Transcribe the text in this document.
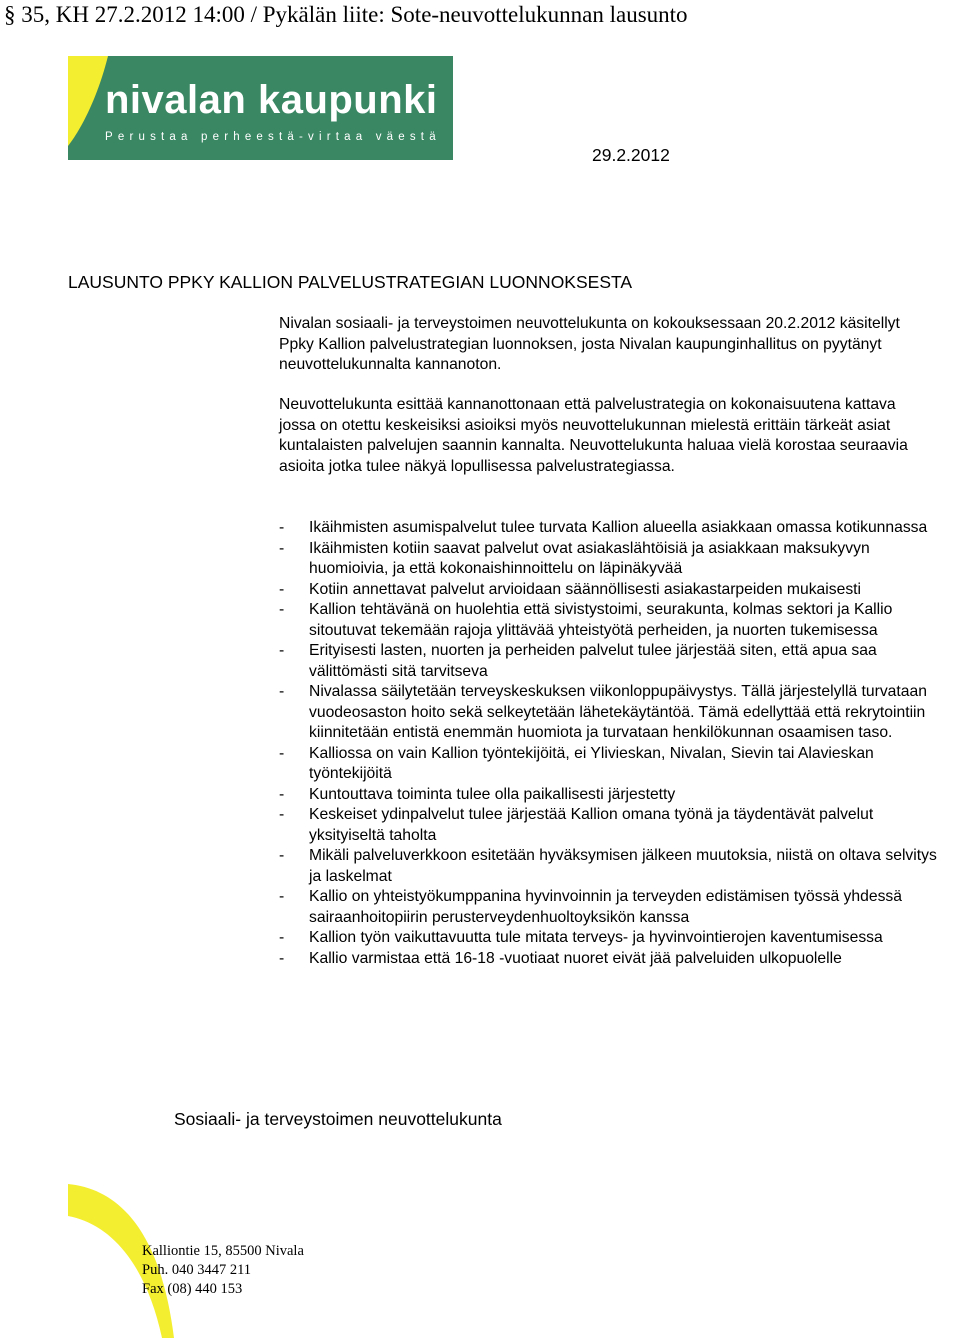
§ 35, KH 27.2.2012 14:00 / Pykälän liite: Sote-neuvottelukunnan lausunto
nivalan kaupunki
Perustaa perheestä-virtaa väestä
29.2.2012
LAUSUNTO PPKY KALLION PALVELUSTRATEGIAN LUONNOKSESTA

Nivalan sosiaali- ja terveystoimen neuvottelukunta on kokouksessaan 20.2.2012 käsitellyt Ppky Kallion palvelustrategian luonnoksen, josta Nivalan kaupunginhallitus on pyytänyt neuvottelukunnalta kannanoton.

Neuvottelukunta esittää kannanottonaan että palvelustrategia on kokonaisuutena kattava jossa on otettu keskeisiksi asioiksi myös neuvottelukunnan mielestä erittäin tärkeät asiat kuntalaisten palvelujen saannin kannalta. Neuvottelukunta haluaa vielä korostaa seuraavia asioita jotka tulee näkyä lopullisessa palvelustrategiassa.

- Ikäihmisten asumispalvelut tulee turvata Kallion alueella asiakkaan omassa kotikunnassa
- Ikäihmisten kotiin saavat palvelut ovat asiakaslähtöisiä ja asiakkaan maksukyvyn huomioivia, ja että kokonaishinnoittelu on läpinäkyvää
- Kotiin annettavat palvelut arvioidaan säännöllisesti asiakastarpeiden mukaisesti
- Kallion tehtävänä on huolehtia että sivistystoimi, seurakunta, kolmas sektori ja Kallio sitoutuvat tekemään rajoja ylittävää yhteistyötä perheiden, ja nuorten tukemisessa
- Erityisesti lasten, nuorten ja perheiden palvelut tulee järjestää siten, että apua saa välittömästi sitä tarvitseva
- Nivalassa säilytetään terveyskeskuksen viikonloppupäivystys. Tällä järjestelyllä turvataan vuodeosaston hoito sekä selkeytetään lähetekäytäntöä. Tämä edellyttää että rekrytointiin kiinnitetään entistä enemmän huomiota ja turvataan henkilökunnan osaamisen taso.
- Kalliossa on vain Kallion työntekijöitä, ei Ylivieskan, Nivalan, Sievin tai Alavieskan työntekijöitä
- Kuntouttava toiminta tulee olla paikallisesti järjestetty
- Keskeiset ydinpalvelut tulee järjestää Kallion omana työnä ja täydentävät palvelut yksityiseltä taholta
- Mikäli palveluverkkoon esitetään hyväksymisen jälkeen muutoksia, niistä on oltava selvitys ja laskelmat
- Kallio on yhteistyökumppanina hyvinvoinnin ja terveyden edistämisen työssä yhdessä sairaanhoitopiirin perusterveydenhuoltoyksikön kanssa
- Kallion työn vaikuttavuutta tule mitata terveys- ja hyvinvointierojen kaventumisessa
- Kallio varmistaa että 16-18 -vuotiaat nuoret eivät jää palveluiden ulkopuolelle
Sosiaali- ja terveystoimen neuvottelukunta
Kalliontie 15, 85500 Nivala
Puh. 040 3447 211
Fax (08) 440 153
